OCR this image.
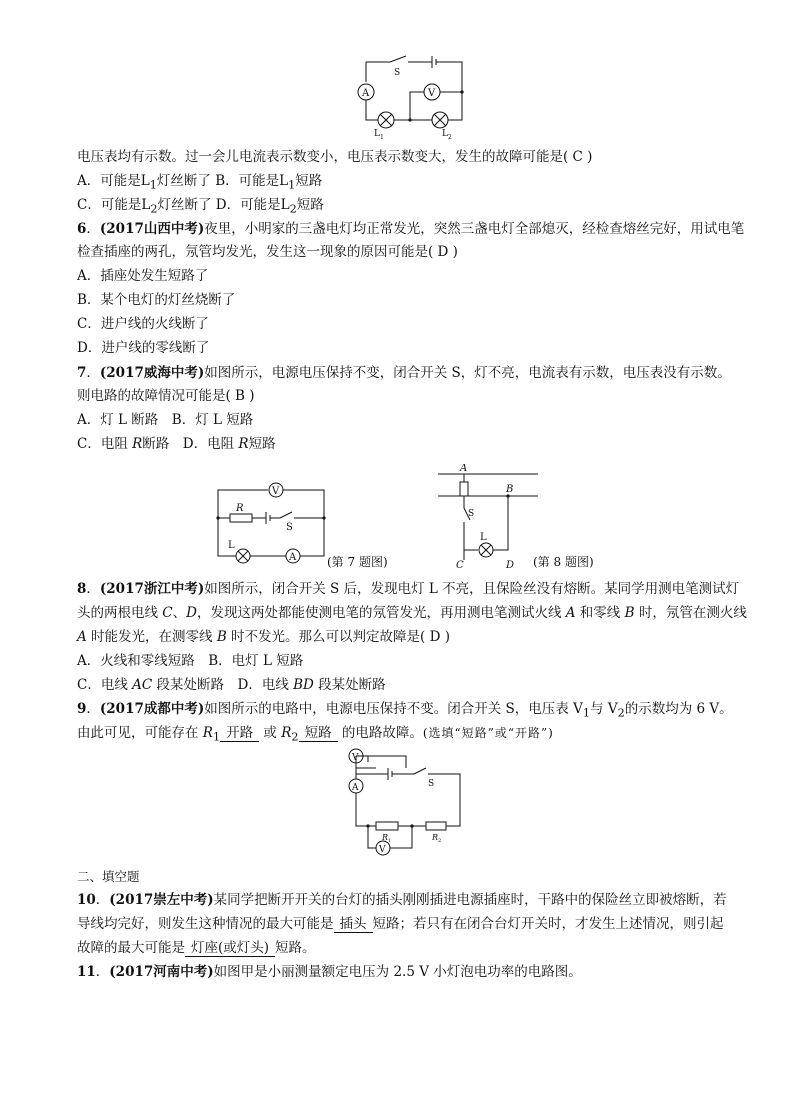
A	V
S
L 1	L 2
电压表均有示数。过一会儿电流表示数变小，电压表示数变大，发生的故障可能是( C )
A．可能是$L_1$灯丝断了 B．可能是$L_1$短路
C．可能是$L_2$灯丝断了 D．可能是$L_2$短路
6．(2017山西中考)夜里，小明家的三盏电灯均正常发光，突然三盏电灯全部熄灭，经检查熔丝完好，用试电笔
检查插座的两孔，氖管均发光，发生这一现象的原因可能是( D )
A．插座处发生短路了
B．某个电灯的灯丝烧断了
C．进户线的火线断了
D．进户线的零线断了
7．(2017威海中考)如图所示，电源电压保持不变，闭合开关 S，灯不亮，电流表有示数，电压表没有示数。
则电路的故障情况可能是( B )
A．灯 L 断路　B．灯 L 短路
C．电阻 R断路　D．电阻 R短路
V
R
S
L
A	(第 7 题图)
A
B
S
L
C	D (第 8 题图)
8．(2017浙江中考)如图所示，闭合开关 S 后，发现电灯 L 不亮，且保险丝没有熔断。某同学用测电笔测试灯
头的两根电线 C、D，发现这两处都能使测电笔的氖管发光，再用测电笔测试火线 A 和零线 B 时，氖管在测火线
A 时能发光，在测零线 B 时不发光。那么可以判定故障是( D )
A．火线和零线短路　B．电灯 L 短路
C．电线 AC 段某处断路　D．电线 BD 段某处断路
9．(2017成都中考)如图所示的电路中，电源电压保持不变。闭合开关 S，电压表 $V_1$与 $V_2$的示数均为 6 V。
由此可见，可能存在 $R_1$ 开路 或 $R_2$ 短路 的电路故障。(选填“短路”或“开路”)
V
A	S
R 1	R 2
V
二、填空题
10．(2017崇左中考)某同学把断开开关的台灯的插头刚刚插进电源插座时，干路中的保险丝立即被熔断，若
导线均完好，则发生这种情况的最大可能是 插头 短路；若只有在闭合台灯开关时，才发生上述情况，则引起
故障的最大可能是 灯座(或灯头) 短路。
11．(2017河南中考)如图甲是小丽测量额定电压为 2.5 V 小灯泡电功率的电路图。
